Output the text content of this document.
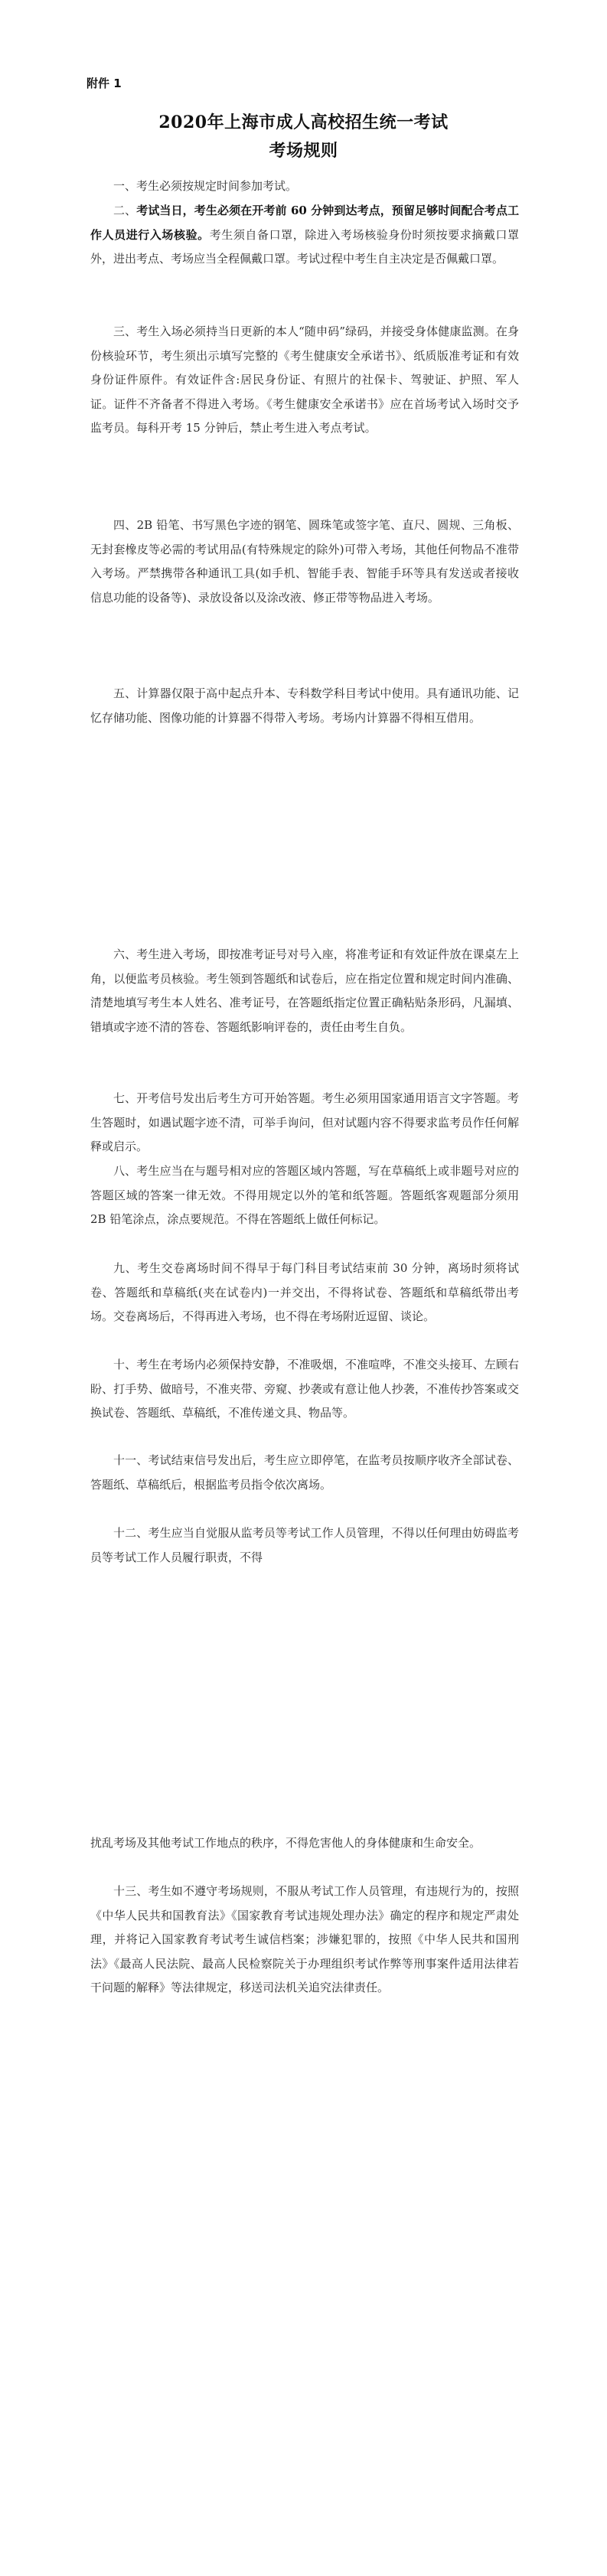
附件 1
2020年上海市成人高校招生统一考试
考场规则

一、考生必须按规定时间参加考试。

二、考试当日，考生必须在开考前 60 分钟到达考点，预留足够时间配合考点工作人员进行入场核验。考生须自备口罩，除进入考场核验身份时须按要求摘戴口罩外，进出考点、考场应当全程佩戴口罩。考试过程中考生自主决定是否佩戴口罩。

三、考生入场必须持当日更新的本人“随申码”绿码，并接受身体健康监测。在身份核验环节，考生须出示填写完整的《考生健康安全承诺书》、纸质版准考证和有效身份证件原件。有效证件含:居民身份证、有照片的社保卡、驾驶证、护照、军人证。证件不齐备者不得进入考场。《考生健康安全承诺书》应在首场考试入场时交予监考员。每科开考 15 分钟后，禁止考生进入考点考试。

四、2B 铅笔、书写黑色字迹的钢笔、圆珠笔或签字笔、直尺、圆规、三角板、无封套橡皮等必需的考试用品(有特殊规定的除外)可带入考场，其他任何物品不准带入考场。严禁携带各种通讯工具(如手机、智能手表、智能手环等具有发送或者接收信息功能的设备等)、录放设备以及涂改液、修正带等物品进入考场。

五、计算器仅限于高中起点升本、专科数学科目考试中使用。具有通讯功能、记忆存储功能、图像功能的计算器不得带入考场。考场内计算器不得相互借用。

六、考生进入考场，即按准考证号对号入座，将准考证和有效证件放在课桌左上角，以便监考员核验。考生领到答题纸和试卷后，应在指定位置和规定时间内准确、清楚地填写考生本人姓名、准考证号，在答题纸指定位置正确粘贴条形码，凡漏填、错填或字迹不清的答卷、答题纸影响评卷的，责任由考生自负。

七、开考信号发出后考生方可开始答题。考生必须用国家通用语言文字答题。考生答题时，如遇试题字迹不清，可举手询问，但对试题内容不得要求监考员作任何解释或启示。

八、考生应当在与题号相对应的答题区域内答题，写在草稿纸上或非题号对应的答题区域的答案一律无效。不得用规定以外的笔和纸答题。答题纸客观题部分须用 2B 铅笔涂点，涂点要规范。不得在答题纸上做任何标记。

九、考生交卷离场时间不得早于每门科目考试结束前 30 分钟，离场时须将试卷、答题纸和草稿纸(夹在试卷内)一并交出，不得将试卷、答题纸和草稿纸带出考场。交卷离场后，不得再进入考场，也不得在考场附近逗留、谈论。

十、考生在考场内必须保持安静，不准吸烟，不准喧哗，不准交头接耳、左顾右盼、打手势、做暗号，不准夹带、旁窥、抄袭或有意让他人抄袭，不准传抄答案或交换试卷、答题纸、草稿纸，不准传递文具、物品等。

十一、考试结束信号发出后，考生应立即停笔，在监考员按顺序收齐全部试卷、答题纸、草稿纸后，根据监考员指令依次离场。

十二、考生应当自觉服从监考员等考试工作人员管理，不得以任何理由妨碍监考员等考试工作人员履行职责，不得

扰乱考场及其他考试工作地点的秩序，不得危害他人的身体健康和生命安全。

十三、考生如不遵守考场规则，不服从考试工作人员管理，有违规行为的，按照《中华人民共和国教育法》《国家教育考试违规处理办法》确定的程序和规定严肃处理，并将记入国家教育考试考生诚信档案；涉嫌犯罪的，按照《中华人民共和国刑法》《最高人民法院、最高人民检察院关于办理组织考试作弊等刑事案件适用法律若干问题的解释》等法律规定，移送司法机关追究法律责任。
